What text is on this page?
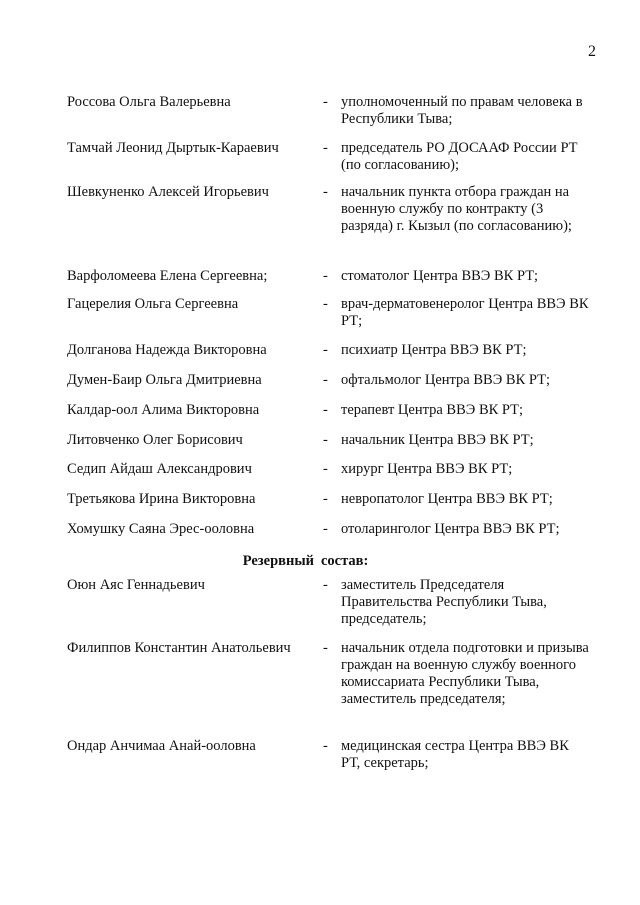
2
Россова Ольга Валерьевна	- уполномоченный по правам человека в Республики Тыва;
Тамчай Леонид Дыртык-Караевич	- председатель РО ДОСААФ России РТ (по согласованию);
Шевкуненко Алексей Игорьевич	- начальник пункта отбора граждан на военную службу по контракту (3 разряда) г. Кызыл (по согласованию);
Варфоломеева Елена Сергеевна;	- стоматолог Центра ВВЭ ВК РТ;
Гацерелия Ольга Сергеевна	- врач-дерматовенеролог Центра ВВЭ ВК РТ;
Долганова Надежда Викторовна	- психиатр Центра ВВЭ ВК РТ;
Думен-Баир Ольга Дмитриевна	- офтальмолог Центра ВВЭ ВК РТ;
Калдар-оол Алима Викторовна	- терапевт Центра ВВЭ ВК РТ;
Литовченко Олег Борисович	- начальник Центра ВВЭ ВК РТ;
Седип Айдаш Александрович	- хирург Центра ВВЭ ВК РТ;
Третьякова Ирина Викторовна	- невропатолог Центра ВВЭ ВК РТ;
Хомушку Саяна Эрес-ооловна	- отоларинголог Центра ВВЭ ВК РТ;
Резервный состав:
Оюн Аяс Геннадьевич	- заместитель Председателя Правительства Республики Тыва, председатель;
Филиппов Константин Анатольевич	- начальник отдела подготовки и призыва граждан на военную службу военного комиссариата Республики Тыва, заместитель председателя;
Ондар Анчимаа Анай-ооловна	- медицинская сестра Центра ВВЭ ВК РТ, секретарь;
